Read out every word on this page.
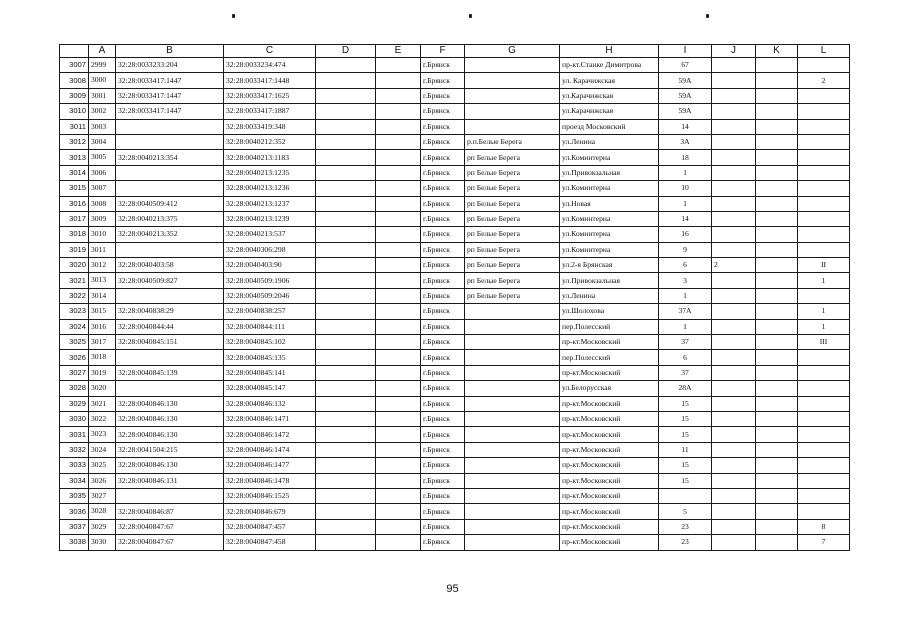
	A	B	C	D	E	F	G	H	I	J	K	L
3007	2999	32:28:0033233:204	32:28:0033234:474			г.Брянск		пр-кт.Станке Димитрова	67			
3008	3000	32:28:0033417:1447	32:28:0033417:1448			г.Брянск		ул. Карачижская	59А			2
3009	3001	32:28:0033417:1447	32:28:0033417:1625			г.Брянск		ул.Карачижская	59А			
3010	3002	32:28:0033417:1447	32:28:0033417:1887			г.Брянск		ул.Карачижская	59А			
3011	3003		32:28:0033419:348			г.Брянск		проезд Московский	14			
3012	3004		32:28:0040212:352			г.Брянск	р.п.Белые Берега	ул.Ленина	3А			
3013	3005	32:28:0040213:354	32:28:0040213:1183			г.Брянск	рп Белые Берега	ул.Коминтерна	18			
3014	3006		32:28:0040213:1235			г.Брянск	рп Белые Берега	ул.Привокзальная	1			
3015	3007		32:28:0040213:1236			г.Брянск	рп Белые Берега	ул.Коминтерна	10			
3016	3008	32:28:0040509:412	32:28:0040213:1237			г.Брянск	рп Белые Берега	ул.Новая	1			
3017	3009	32:28:0040213:375	32:28:0040213:1239			г.Брянск	рп Белые Берега	ул.Коминтерна	14			
3018	3010	32:28:0040213:352	32:28:0040213:537			г.Брянск	рп Белые Берега	ул.Коминтерна	16			
3019	3011		32:28:0040306:298			г.Брянск	рп Белые Берега	ул.Коминтерна	9			
3020	3012	32:28:0040403:58	32:28:0040403:90			г.Брянск	рп Белые Берега	ул.2-я Брянская	6	2		II
3021	3013	32:28:0040509:827	32:28:0040509:1906			г.Брянск	рп Белые Берега	ул.Привокзальная	3			1
3022	3014		32:28:0040509:2046			г.Брянск	рп Белые Берега	ул.Ленина	1			
3023	3015	32:28:0040838:29	32:28:0040838:257			г.Брянск		ул.Шолохова	37А			1
3024	3016	32:28:0040844:44	32:28:0040844:111			г.Брянск		пер.Полесский	1			1
3025	3017	32:28:0040845:151	32:28:0040845:102			г.Брянск		пр-кт.Московский	37			III
3026	3018		32:28:0040845:135			г.Брянск		пер.Полесский	6			
3027	3019	32:28:0040845:139	32:28:0040845:141			г.Брянск		пр-кт.Московский	37			
3028	3020		32:28:0040845:147			г.Брянск		ул.Белорусская	28А			
3029	3021	32:28:0040846:130	32:28:0040846:132			г.Брянск		пр-кт.Московский	15			
3030	3022	32:28:0040846:130	32:28:0040846:1471			г.Брянск		пр-кт.Московский	15			
3031	3023	32:28:0040846:130	32:28:0040846:1472			г.Брянск		пр-кт.Московский	15			
3032	3024	32:28:0041504:215	32:28:0040846:1474			г.Брянск		пр-кт.Московский	11			
3033	3025	32:28:0040846:130	32:28:0040846:1477			г.Брянск		пр-кт.Московский	15			
3034	3026	32:28:0040846:131	32:28:0040846:1478			г.Брянск		пр-кт.Московский	15			
3035	3027		32:28:0040846:1525			г.Брянск		пр-кт.Московский				
3036	3028	32:28:0040846:87	32:28:0040846:679			г.Брянск		пр-кт.Московский	5			
3037	3029	32:28:0040847:67	32:28:0040847:457			г.Брянск		пр-кт.Московский	23			8
3038	3030	32:28:0040847:67	32:28:0040847:458			г.Брянск		пр-кт.Московский	23			7
95
